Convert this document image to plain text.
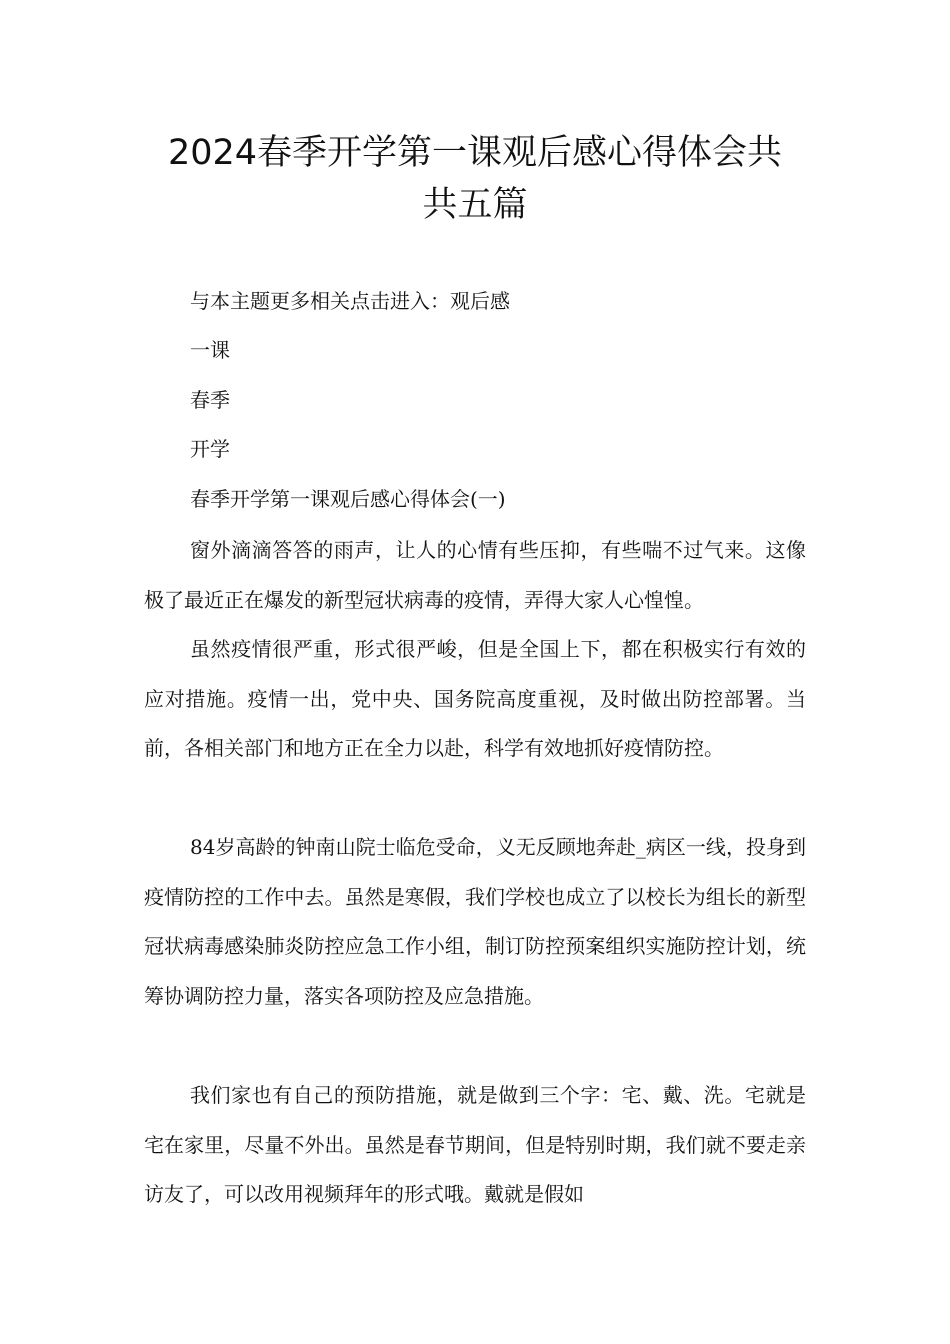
2024春季开学第一课观后感心得体会共
共五篇

与本主题更多相关点击进入：观后感

一课

春季

开学

春季开学第一课观后感心得体会(一)

窗外滴滴答答的雨声，让人的心情有些压抑，有些喘不过气来。这像极了最近正在爆发的新型冠状病毒的疫情，弄得大家人心惶惶。

虽然疫情很严重，形式很严峻，但是全国上下，都在积极实行有效的应对措施。疫情一出，党中央、国务院高度重视，及时做出防控部署。当前，各相关部门和地方正在全力以赴，科学有效地抓好疫情防控。

84岁高龄的钟南山院士临危受命，义无反顾地奔赴_病区一线，投身到疫情防控的工作中去。虽然是寒假，我们学校也成立了以校长为组长的新型冠状病毒感染肺炎防控应急工作小组，制订防控预案组织实施防控计划，统筹协调防控力量，落实各项防控及应急措施。

我们家也有自己的预防措施，就是做到三个字：宅、戴、洗。宅就是宅在家里，尽量不外出。虽然是春节期间，但是特别时期，我们就不要走亲访友了，可以改用视频拜年的形式哦。戴就是假如
